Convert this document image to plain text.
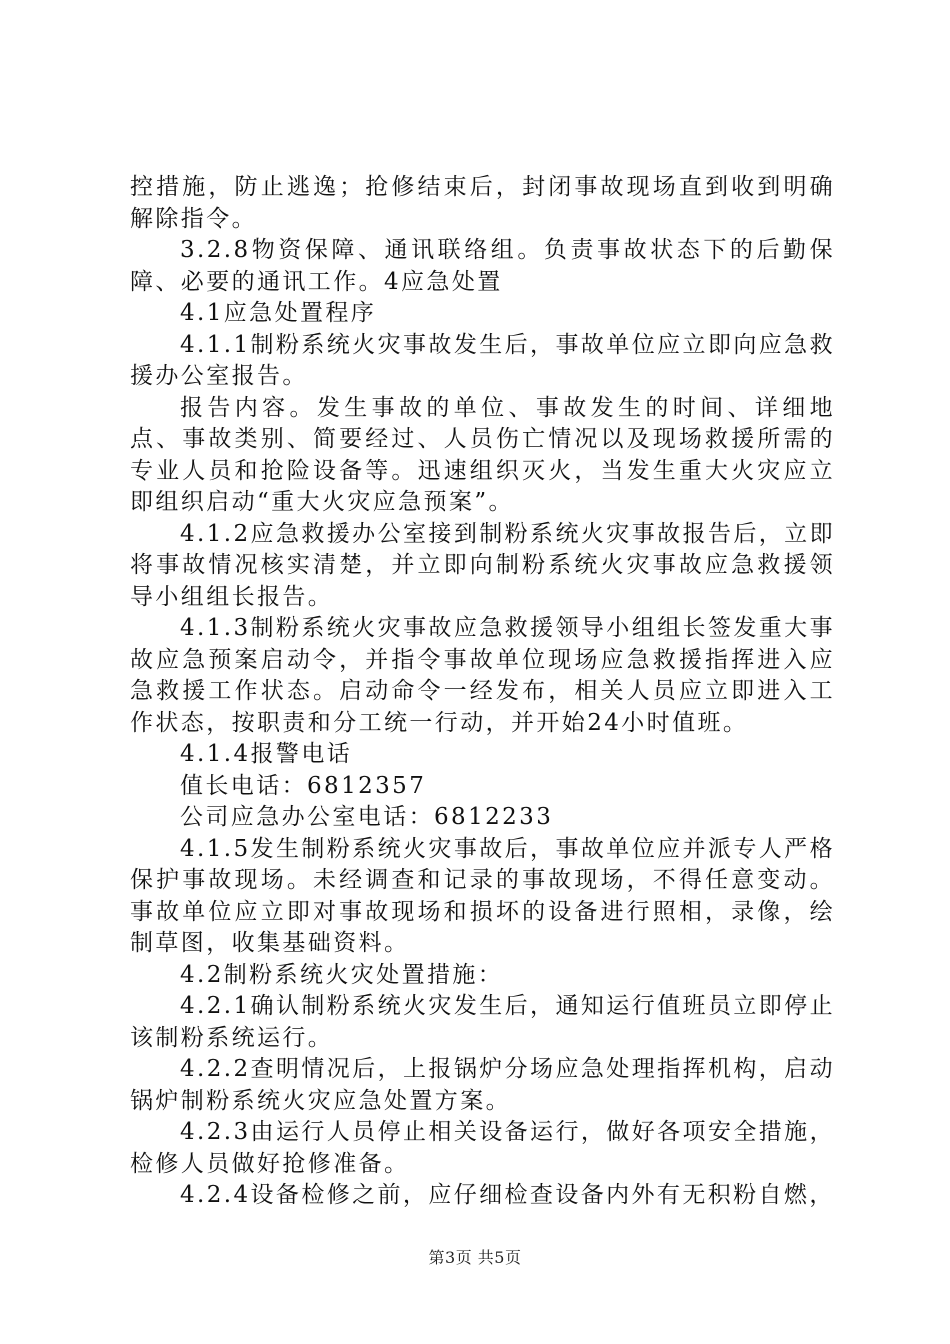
控措施，防止逃逸；抢修结束后，封闭事故现场直到收到明确解除指令。

3.2.8物资保障、通讯联络组。负责事故状态下的后勤保障、必要的通讯工作。4应急处置

4.1应急处置程序

4.1.1制粉系统火灾事故发生后，事故单位应立即向应急救援办公室报告。

报告内容。发生事故的单位、事故发生的时间、详细地点、事故类别、简要经过、人员伤亡情况以及现场救援所需的专业人员和抢险设备等。迅速组织灭火，当发生重大火灾应立即组织启动“重大火灾应急预案”。

4.1.2应急救援办公室接到制粉系统火灾事故报告后，立即将事故情况核实清楚，并立即向制粉系统火灾事故应急救援领导小组组长报告。

4.1.3制粉系统火灾事故应急救援领导小组组长签发重大事故应急预案启动令，并指令事故单位现场应急救援指挥进入应急救援工作状态。启动命令一经发布，相关人员应立即进入工作状态，按职责和分工统一行动，并开始24小时值班。

4.1.4报警电话

值长电话：6812357

公司应急办公室电话：6812233

4.1.5发生制粉系统火灾事故后，事故单位应并派专人严格保护事故现场。未经调查和记录的事故现场，不得任意变动。事故单位应立即对事故现场和损坏的设备进行照相，录像，绘制草图，收集基础资料。

4.2制粉系统火灾处置措施：

4.2.1确认制粉系统火灾发生后，通知运行值班员立即停止该制粉系统运行。

4.2.2查明情况后，上报锅炉分场应急处理指挥机构，启动锅炉制粉系统火灾应急处置方案。

4.2.3由运行人员停止相关设备运行，做好各项安全措施，检修人员做好抢修准备。

4.2.4设备检修之前，应仔细检查设备内外有无积粉自燃，

第3页 共5页
